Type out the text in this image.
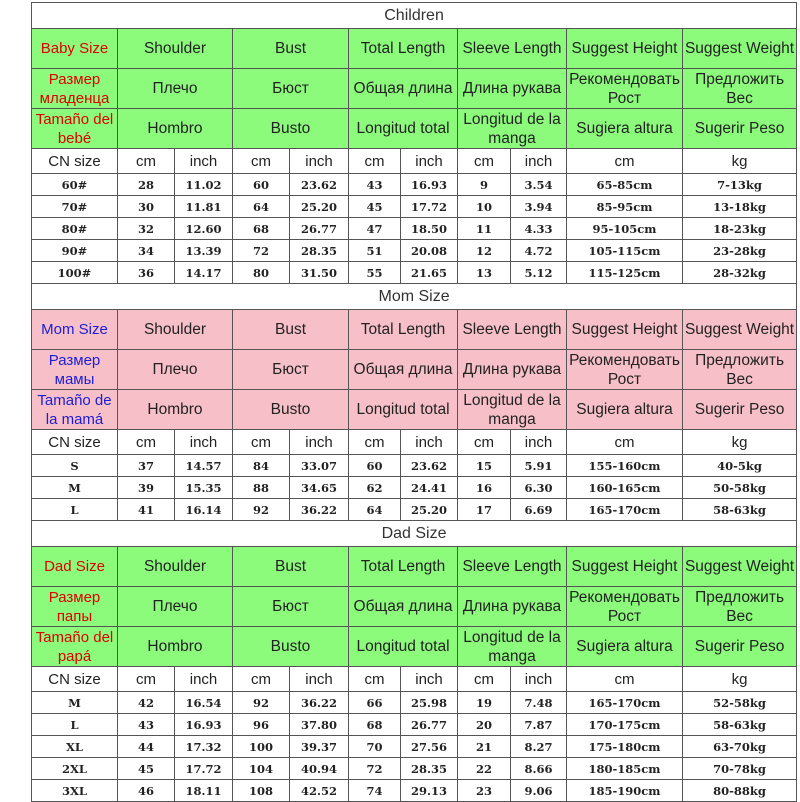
Children										
Baby Size	Shoulder		Bust		Total Length		Sleeve Length		Suggest Height	Suggest Weight
Размер младенца	Плечо		Бюст		Общая длина		Длина рукава		Рекомендовать Рост	Предложить Вес
Tamaño del bebé	Hombro		Busto		Longitud total		Longitud de la manga		Sugiera altura	Sugerir Peso
CN size	cm	inch	cm	inch	cm	inch	cm	inch	cm	kg
60#	28	11.02	60	23.62	43	16.93	9	3.54	65-85cm	7-13kg
70#	30	11.81	64	25.20	45	17.72	10	3.94	85-95cm	13-18kg
80#	32	12.60	68	26.77	47	18.50	11	4.33	95-105cm	18-23kg
90#	34	13.39	72	28.35	51	20.08	12	4.72	105-115cm	23-28kg
100#	36	14.17	80	31.50	55	21.65	13	5.12	115-125cm	28-32kg
Mom Size										
Mom Size	Shoulder		Bust		Total Length		Sleeve Length		Suggest Height	Suggest Weight
Размер мамы	Плечо		Бюст		Общая длина		Длина рукава		Рекомендовать Рост	Предложить Вес
Tamaño de la mamá	Hombro		Busto		Longitud total		Longitud de la manga		Sugiera altura	Sugerir Peso
CN size	cm	inch	cm	inch	cm	inch	cm	inch	cm	kg
S	37	14.57	84	33.07	60	23.62	15	5.91	155-160cm	40-5kg
M	39	15.35	88	34.65	62	24.41	16	6.30	160-165cm	50-58kg
L	41	16.14	92	36.22	64	25.20	17	6.69	165-170cm	58-63kg
Dad Size										
Dad Size	Shoulder		Bust		Total Length		Sleeve Length		Suggest Height	Suggest Weight
Размер папы	Плечо		Бюст		Общая длина		Длина рукава		Рекомендовать Рост	Предложить Вес
Tamaño del papá	Hombro		Busto		Longitud total		Longitud de la manga		Sugiera altura	Sugerir Peso
CN size	cm	inch	cm	inch	cm	inch	cm	inch	cm	kg
M	42	16.54	92	36.22	66	25.98	19	7.48	165-170cm	52-58kg
L	43	16.93	96	37.80	68	26.77	20	7.87	170-175cm	58-63kg
XL	44	17.32	100	39.37	70	27.56	21	8.27	175-180cm	63-70kg
2XL	45	17.72	104	40.94	72	28.35	22	8.66	180-185cm	70-78kg
3XL	46	18.11	108	42.52	74	29.13	23	9.06	185-190cm	80-88kg
